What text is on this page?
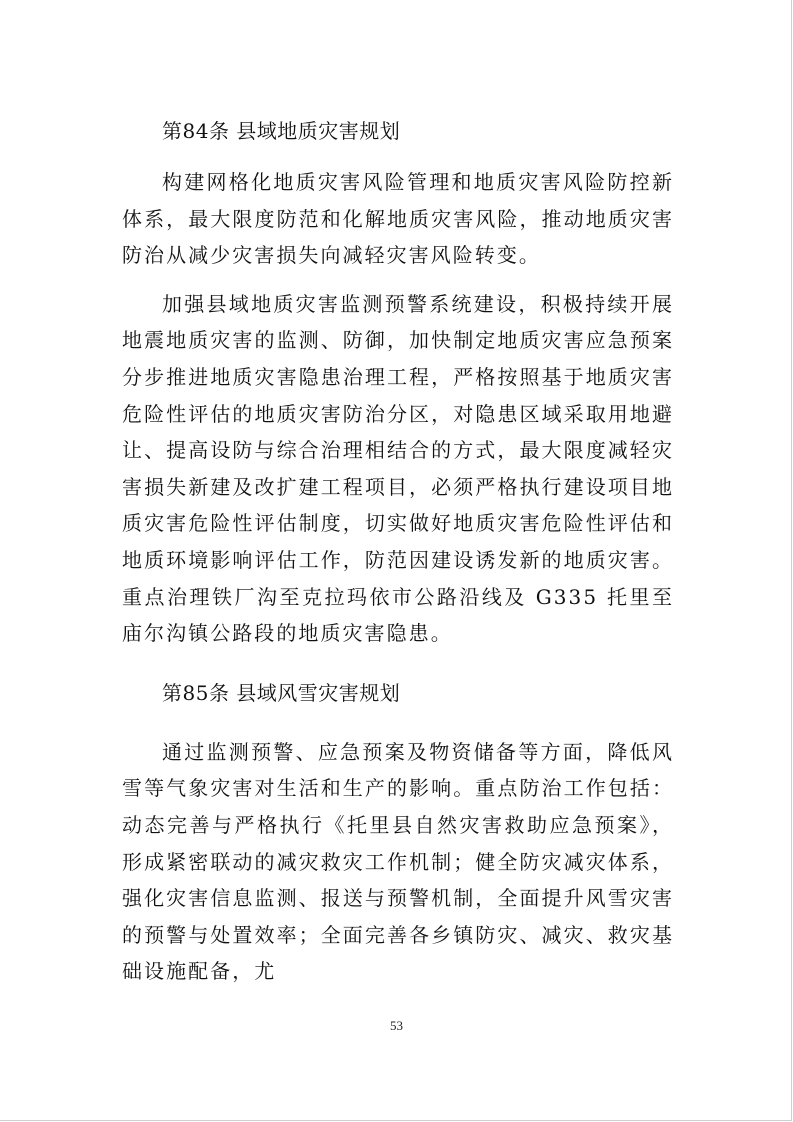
第84条 县域地质灾害规划

构建网格化地质灾害风险管理和地质灾害风险防控新体系，最大限度防范和化解地质灾害风险，推动地质灾害防治从减少灾害损失向减轻灾害风险转变。

加强县域地质灾害监测预警系统建设，积极持续开展地震地质灾害的监测、防御，加快制定地质灾害应急预案分步推进地质灾害隐患治理工程，严格按照基于地质灾害危险性评估的地质灾害防治分区，对隐患区域采取用地避让、提高设防与综合治理相结合的方式，最大限度减轻灾害损失新建及改扩建工程项目，必须严格执行建设项目地质灾害危险性评估制度，切实做好地质灾害危险性评估和地质环境影响评估工作，防范因建设诱发新的地质灾害。重点治理铁厂沟至克拉玛依市公路沿线及 G335 托里至庙尔沟镇公路段的地质灾害隐患。

第85条 县域风雪灾害规划

通过监测预警、应急预案及物资储备等方面，降低风雪等气象灾害对生活和生产的影响。重点防治工作包括：动态完善与严格执行《托里县自然灾害救助应急预案》，形成紧密联动的减灾救灾工作机制；健全防灾减灾体系，强化灾害信息监测、报送与预警机制，全面提升风雪灾害的预警与处置效率；全面完善各乡镇防灾、减灾、救灾基础设施配备，尤

53
